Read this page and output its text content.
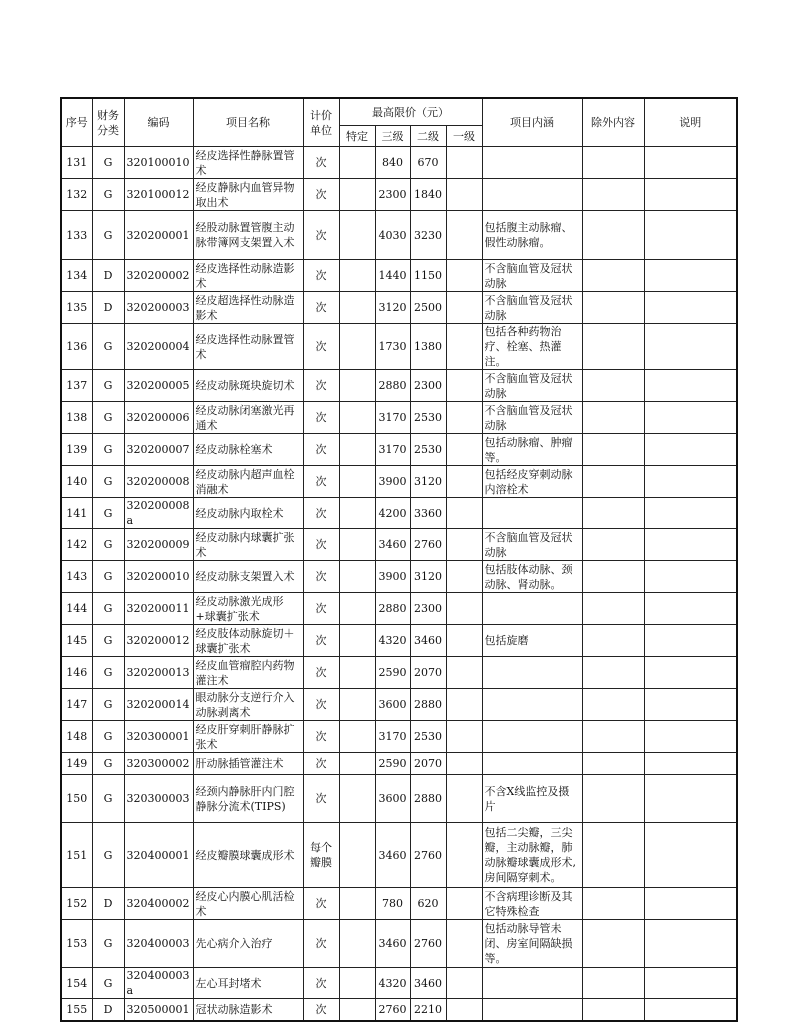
序号	财务分类	编码	项目名称	计价单位	最高限价（元）				项目内涵	除外内容	说明
					特定	三级	二级	一级			
131	G	320100010	经皮选择性静脉置管术	次		840	670				
132	G	320100012	经皮静脉内血管异物取出术	次		2300	1840				
133	G	320200001	经股动脉置管腹主动脉带簿网支架置入术	次		4030	3230		包括腹主动脉瘤、假性动脉瘤。		
134	D	320200002	经皮选择性动脉造影术	次		1440	1150		不含脑血管及冠状动脉		
135	D	320200003	经皮超选择性动脉造影术	次		3120	2500		不含脑血管及冠状动脉		
136	G	320200004	经皮选择性动脉置管术	次		1730	1380		包括各种药物治疗、栓塞、热灌注。		
137	G	320200005	经皮动脉斑块旋切术	次		2880	2300		不含脑血管及冠状动脉		
138	G	320200006	经皮动脉闭塞激光再通术	次		3170	2530		不含脑血管及冠状动脉		
139	G	320200007	经皮动脉栓塞术	次		3170	2530		包括动脉瘤、肿瘤等。		
140	G	320200008	经皮动脉内超声血栓消融术	次		3900	3120		包括经皮穿刺动脉内溶栓术		
141	G	320200008a	经皮动脉内取栓术	次		4200	3360				
142	G	320200009	经皮动脉内球囊扩张术	次		3460	2760		不含脑血管及冠状动脉		
143	G	320200010	经皮动脉支架置入术	次		3900	3120		包括肢体动脉、颈动脉、肾动脉。		
144	G	320200011	经皮动脉激光成形+球囊扩张术	次		2880	2300				
145	G	320200012	经皮肢体动脉旋切＋球囊扩张术	次		4320	3460		包括旋磨		
146	G	320200013	经皮血管瘤腔内药物灌注术	次		2590	2070				
147	G	320200014	眼动脉分支逆行介入动脉剥离术	次		3600	2880				
148	G	320300001	经皮肝穿刺肝静脉扩张术	次		3170	2530				
149	G	320300002	肝动脉插管灌注术	次		2590	2070				
150	G	320300003	经颈内静脉肝内门腔静脉分流术(TIPS)	次		3600	2880		不含X线监控及摄片		
151	G	320400001	经皮瓣膜球囊成形术	每个瓣膜		3460	2760		包括二尖瓣，三尖瓣，主动脉瓣，肺动脉瓣球囊成形术,房间隔穿刺术。		
152	D	320400002	经皮心内膜心肌活检术	次		780	620		不含病理诊断及其它特殊检查		
153	G	320400003	先心病介入治疗	次		3460	2760		包括动脉导管未闭、房室间隔缺损等。		
154	G	320400003a	左心耳封堵术	次		4320	3460				
155	D	320500001	冠状动脉造影术	次		2760	2210				
